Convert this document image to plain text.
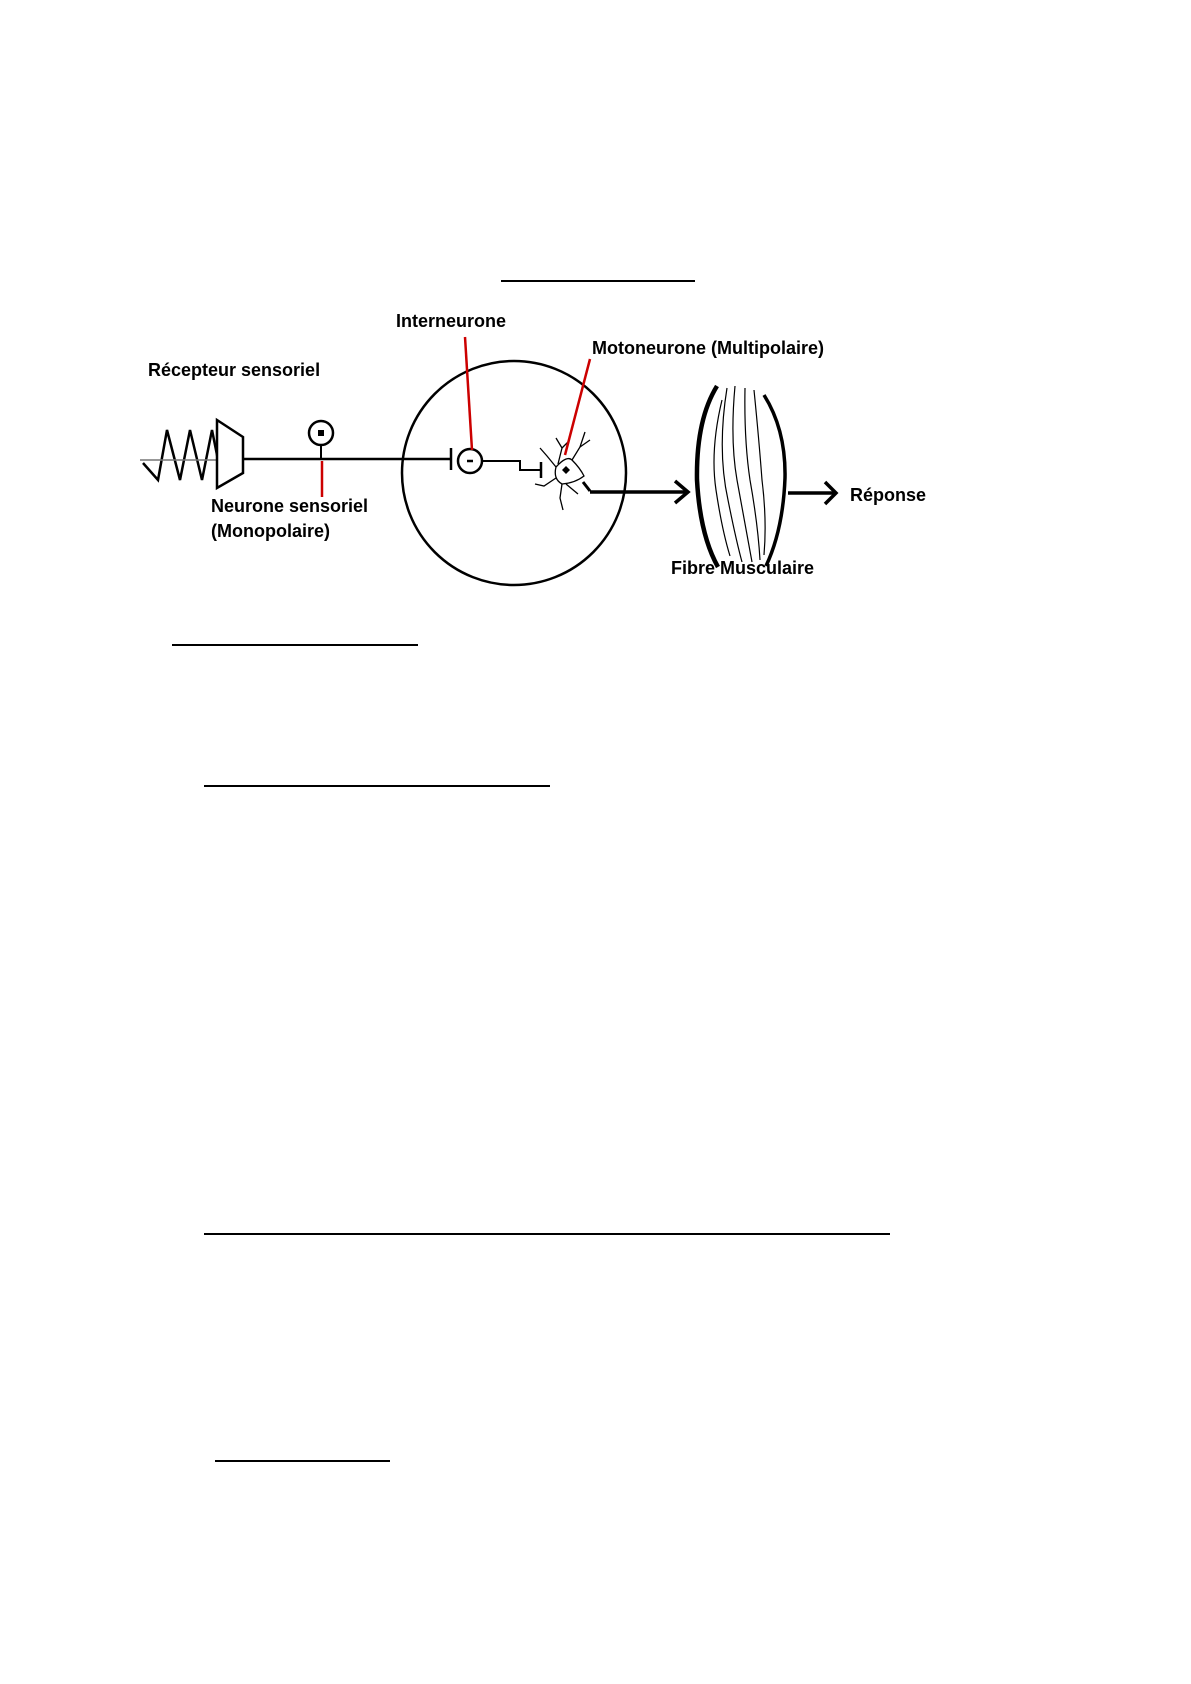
Récepteur sensoriel
Interneurone
Motoneurone (Multipolaire)
Neurone sensoriel
(Monopolaire)
Fibre Musculaire
Réponse
